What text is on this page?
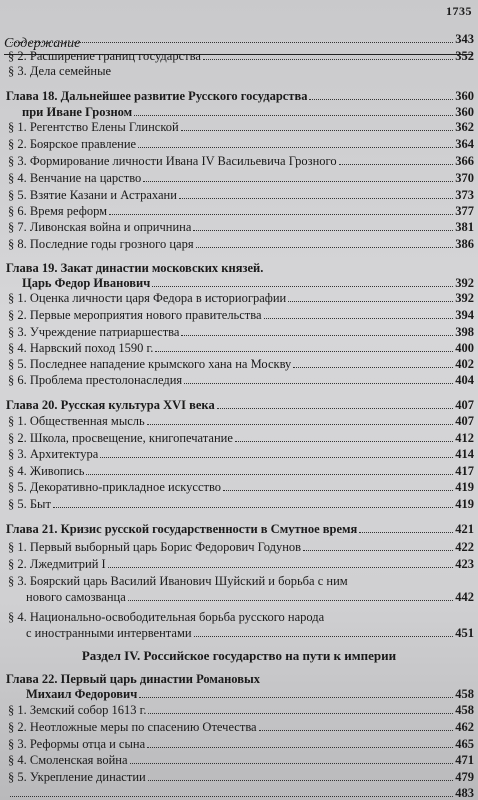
1735
Содержание	343
§ 2. Расширение границ государства	352
§ 3. Дела семейные
Глава 18. Дальнейшее развитие Русского государства	360
при Иване Грозном	360
§ 1. Регентство Елены Глинской	362
§ 2. Боярское правление	364
§ 3. Формирование личности Ивана IV Васильевича Грозного	366
§ 4. Венчание на царство	370
§ 5. Взятие Казани и Астрахани	373
§ 6. Время реформ	377
§ 7. Ливонская война и опричнина	381
§ 8. Последние годы грозного царя	386
Глава 19. Закат династии московских князей.
Царь Федор Иванович	392
§ 1. Оценка личности царя Федора в историографии	392
§ 2. Первые мероприятия нового правительства	394
§ 3. Учреждение патриаршества	398
§ 4. Нарвский поход 1590 г.	400
§ 5. Последнее нападение крымского хана на Москву	402
§ 6. Проблема престолонаследия	404
Глава 20. Русская культура XVI века	407
§ 1. Общественная мысль	407
§ 2. Школа, просвещение, книгопечатание	412
§ 3. Архитектура	414
§ 4. Живопись	417
§ 5. Декоративно-прикладное искусство	419
§ 5. Быт	419
Глава 21. Кризис русской государственности в Смутное время	421
§ 1. Первый выборный царь Борис Федорович Годунов	422
§ 2. Лжедмитрий I	423
§ 3. Боярский царь Василий Иванович Шуйский и борьба с ним
нового самозванца	442
§ 4. Национально-освободительная борьба русского народа
с иностранными интервентами	451
Раздел IV. Российское государство на пути к империи
Глава 22. Первый царь династии Романовых
Михаил Федорович	458
§ 1. Земский собор 1613 г.	458
§ 2. Неотложные меры по спасению Отечества	462
§ 3. Реформы отца и сына	465
§ 4. Смоленская война	471
§ 5. Укрепление династии	479
483
